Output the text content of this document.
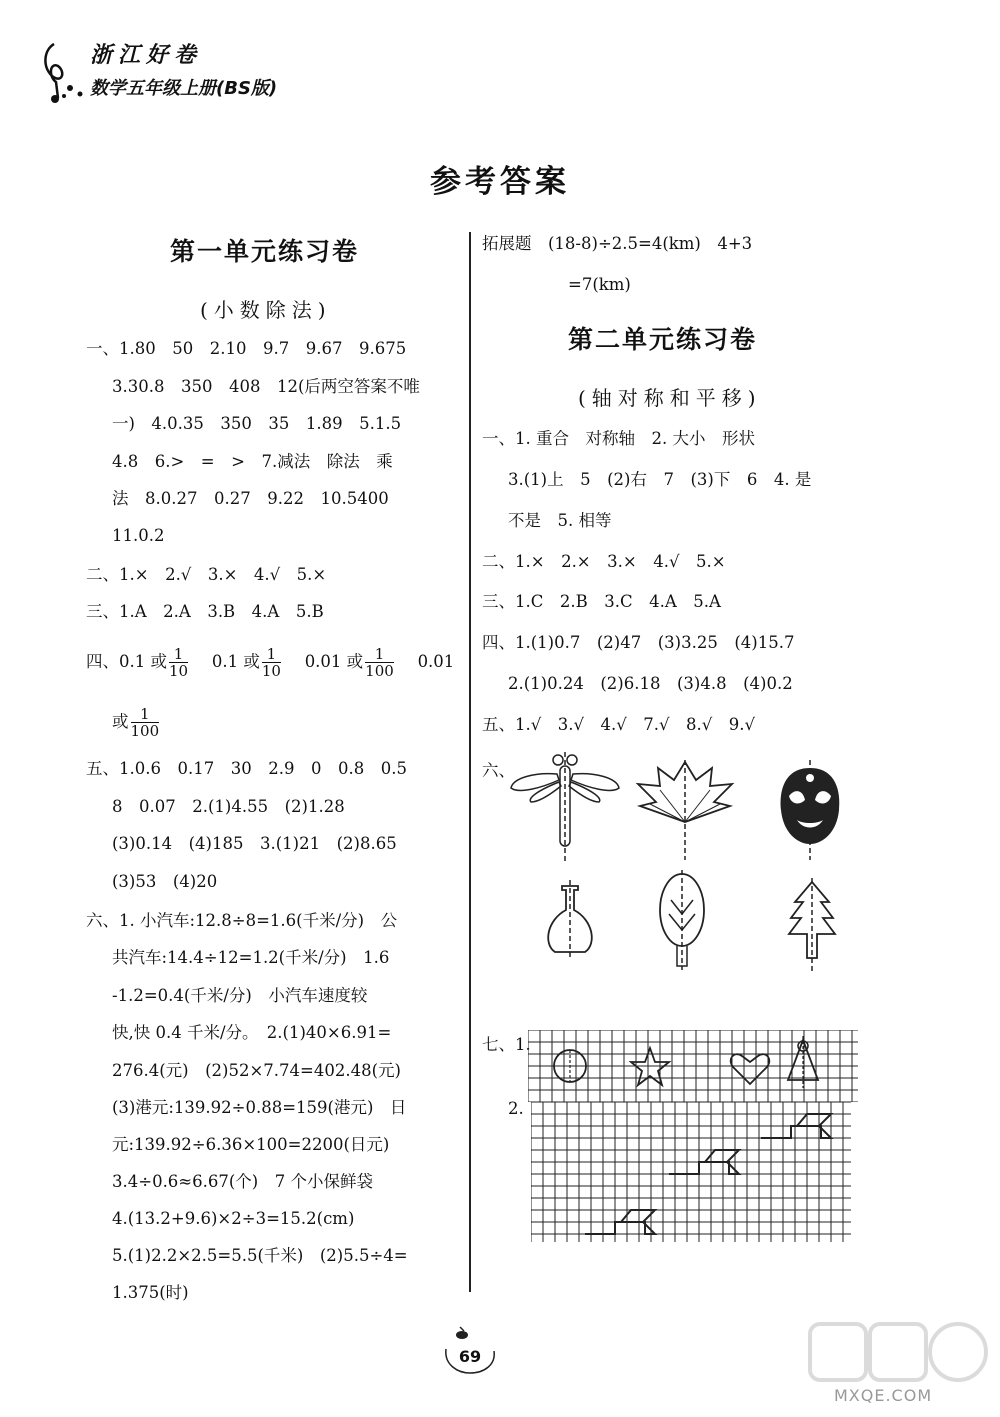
浙江好卷
数学五年级上册(BS版)
参考答案
第一单元练习卷
(小数除法)
一、1.80　50　2.10　9.7　9.67　9.675
3.30.8　350　408　12(后两空答案不唯
一)　4.0.35　350　35　1.89　5.1.5
4.8　6.>　=　>　7.减法　除法　乘
法　8.0.27　0.27　9.22　10.5400
11.0.2
二、1.×　2.√　3.×　4.√　5.×
三、1.A　2.A　3.B　4.A　5.B
四、0.1 或 $\frac{1}{10}$
　 0.1 或 $\frac{1}{10}$
　 0.01 或 $\frac{1}{100}$
　 0.01
或 $\frac{1}{100}$
五、1.0.6　0.17　30　2.9　0　0.8　0.5
8　0.07　2.(1)4.55　(2)1.28
(3)0.14　(4)185　3.(1)21　(2)8.65
(3)53　(4)20
六、1. 小汽车:12.8÷8=1.6(千米/分)　公
共汽车:14.4÷12=1.2(千米/分)　1.6
-1.2=0.4(千米/分)　小汽车速度较
快,快 0.4 千米/分。　2.(1)40×6.91=
276.4(元)　(2)52×7.74=402.48(元)
(3)港元:139.92÷0.88=159(港元)　日
元:139.92÷6.36×100=2200(日元)
3.4÷0.6≈6.67(个)　7 个小保鲜袋
4.(13.2+9.6)×2÷3=15.2(cm)
5.(1)2.2×2.5=5.5(千米)　(2)5.5÷4=
1.375(时)
拓展题　(18-8)÷2.5=4(km)　4+3
=7(km)
第二单元练习卷
(轴对称和平移)
一、1. 重合　对称轴　2. 大小　形状
3.(1)上　5　(2)右　7　(3)下　6　4. 是
不是　5. 相等
二、1.×　2.×　3.×　4.√　5.×
三、1.C　2.B　3.C　4.A　5.A
四、1.(1)0.7　(2)47　(3)3.25　(4)15.7
2.(1)0.24　(2)6.18　(3)4.8　(4)0.2
五、1.√　3.√　4.√　7.√　8.√　9.√
六、
七、1.
2.
69
MXQE.COM
